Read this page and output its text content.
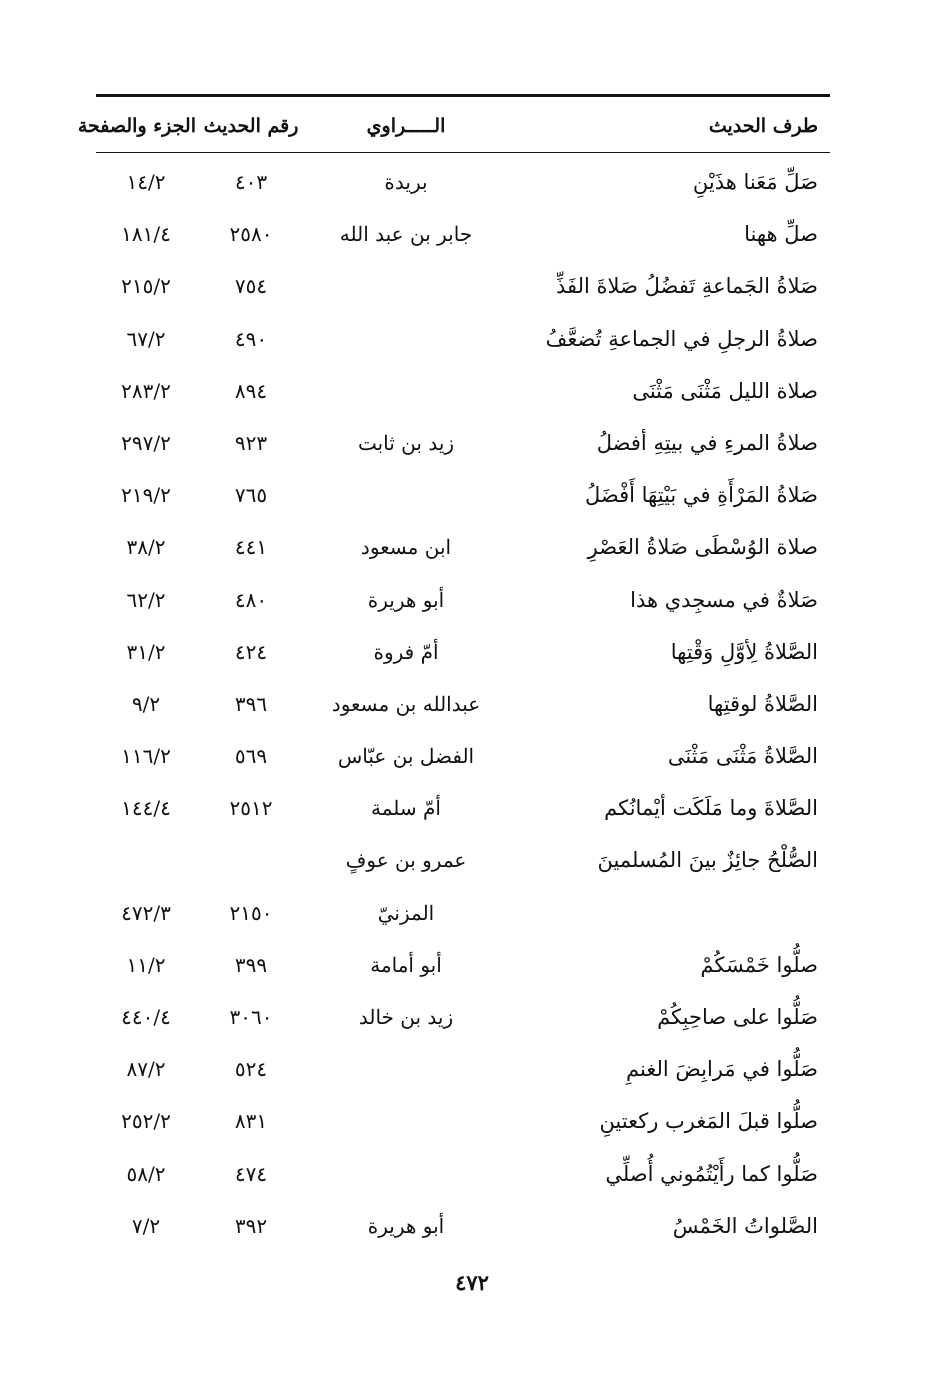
طرف الحديث
الـــــراوي
رقم الحديث
الجزء والصفحة
صَلِّ مَعَنا هذَيْنِ
بريدة
٤٠٣
١٤/٢
صلِّ ههنا
جابر بن عبد الله
٢٥٨٠
١٨١/٤
صَلاةُ الجَماعةِ تَفضُلُ صَلاةَ الفَذِّ
٧٥٤
٢١٥/٢
صلاةُ الرجلِ في الجماعةِ تُضعَّفُ
٤٩٠
٦٧/٢
صلاة الليل مَثْنَى مَثْنَى
٨٩٤
٢٨٣/٢
صلاةُ المرءِ في بيتِهِ أفضلُ
زيد بن ثابت
٩٢٣
٢٩٧/٢
صَلاةُ المَرْأَةِ في بَيْتِهَا أَفْضَلُ
٧٦٥
٢١٩/٢
صلاة الوُسْطَى صَلاةُ العَصْرِ
ابن مسعود
٤٤١
٣٨/٢
صَلاةٌ في مسجِدي هذا
أبو هريرة
٤٨٠
٦٢/٢
الصَّلاةُ لِأوَّلِ وَقْتِها
أمّ فروة
٤٢٤
٣١/٢
الصَّلاةُ لوقتِها
عبدالله بن مسعود
٣٩٦
٩/٢
الصَّلاةُ مَثْنَى مَثْنَى
الفضل بن عبّاس
٥٦٩
١١٦/٢
الصَّلاةَ وما مَلَكَت أيْمانُكم
أمّ سلمة
٢٥١٢
١٤٤/٤
الصُّلْحُ جائِزٌ بينَ المُسلمينَ
عمرو بن عوفٍ
المزنيّ
٢١٥٠
٤٧٢/٣
صلُّوا خَمْسَكُمْ
أبو أمامة
٣٩٩
١١/٢
صَلُّوا على صاحِبِكُمْ
زيد بن خالد
٣٠٦٠
٤٤٠/٤
صَلُّوا في مَرابِضَ الغنمِ
٥٢٤
٨٧/٢
صلُّوا قبلَ المَغرب ركعتينِ
٨٣١
٢٥٢/٢
صَلُّوا كما رأَيْتُمُوني أُصلِّي
٤٧٤
٥٨/٢
الصَّلواتُ الخَمْسُ
أبو هريرة
٣٩٢
٧/٢
٤٧٢
